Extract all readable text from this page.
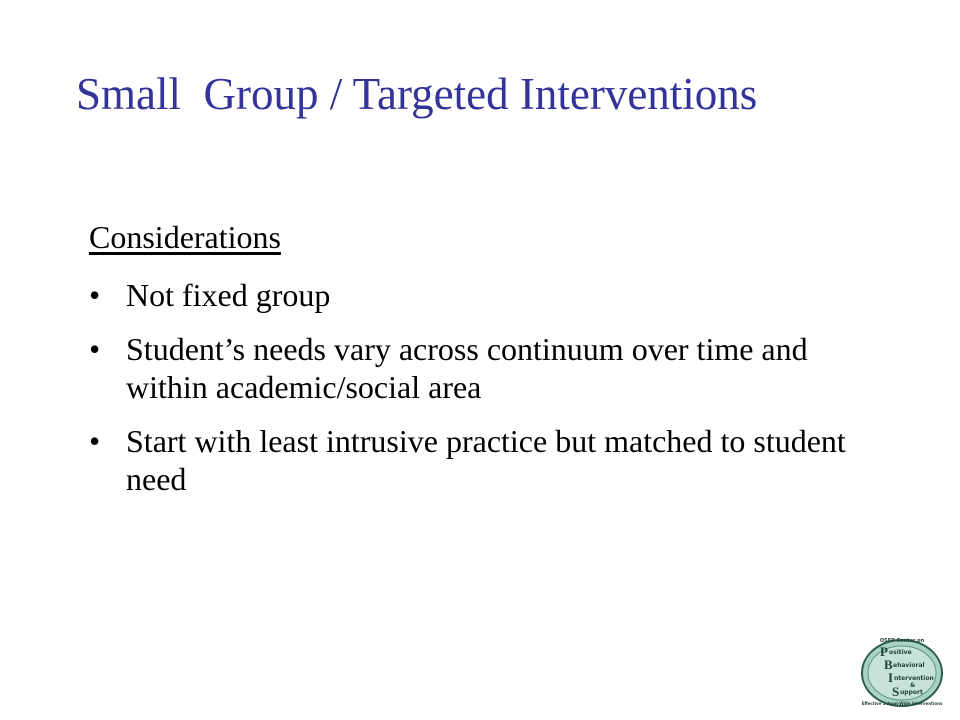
Small  Group / Targeted Interventions
Considerations
• Not fixed group
• Student’s needs vary across continuum over time and within academic/social area
• Start with least intrusive practice but matched to student need
OSEP Center on
P ositive
B ehavioral
I ntervention
&
S upport
Effective School-Wide Interventions
